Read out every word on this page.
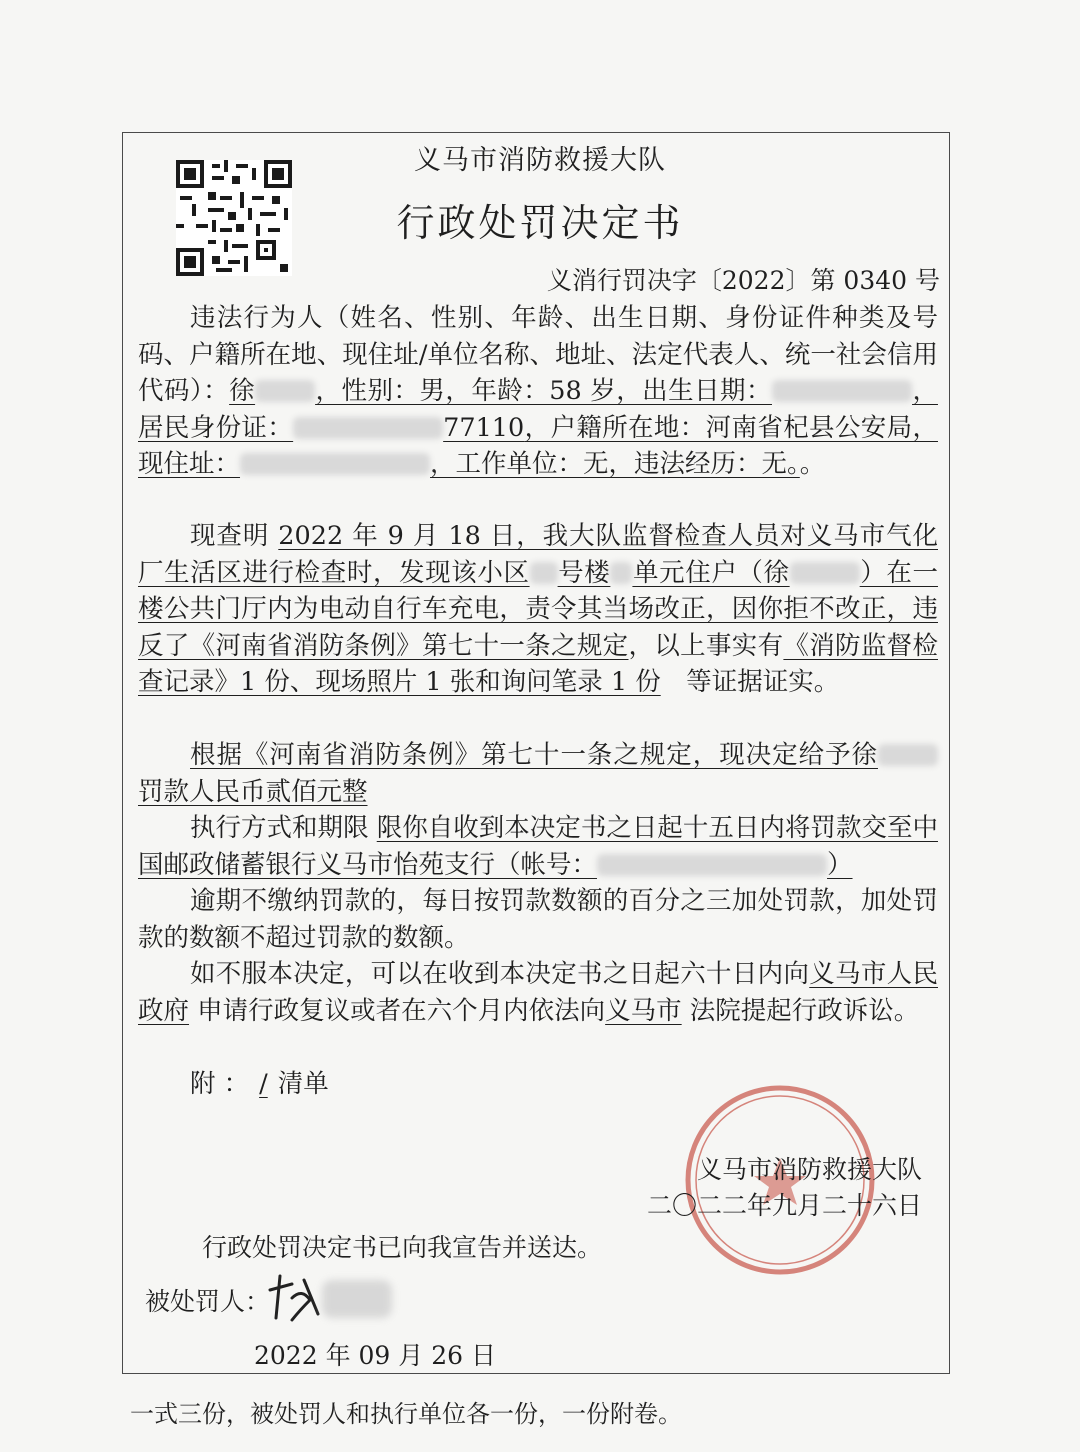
义马市消防救援大队
行政处罚决定书
义消行罚决字〔2022〕第 0340 号
违法行为人（姓名、性别、年龄、出生日期、身份证件种类及号码、户籍所在地、现住址/单位名称、地址、法定代表人、统一社会信用代码）：徐 ，性别：男，年龄：58 岁，出生日期：	，居民身份证：	77110，户籍所在地：河南省杞县公安局，现住址：	，工作单位：无，违法经历：无。。
现查明 2022 年 9 月 18 日，我大队监督检查人员对义马市气化厂生活区进行检查时，发现该小区 号楼 单元住户（徐	）在一楼公共门厅内为电动自行车充电，责令其当场改正，因你拒不改正，违反了《河南省消防条例》第七十一条之规定，以上事实有《消防监督检查记录》1 份、现场照片 1 张和询问笔录 1 份　 等证据证实。
根据《河南省消防条例》第七十一条之规定，现决定给予徐罚款人民币贰佰元整
执行方式和期限 限你自收到本决定书之日起十五日内将罚款交至中国邮政储蓄银行义马市怡苑支行（帐号：	）
逾期不缴纳罚款的，每日按罚款数额的百分之三加处罚款，加处罚款的数额不超过罚款的数额。
如不服本决定，可以在收到本决定书之日起六十日内向义马市人民政府 申请行政复议或者在六个月内依法向义马市 法院提起行政诉讼。
附 ： / 清单
义马市消防救援大队
二〇二二年九月二十六日
行政处罚决定书已向我宣告并送达。
被处罚人：
2022 年 09 月 26 日
一式三份，被处罚人和执行单位各一份，一份附卷。
